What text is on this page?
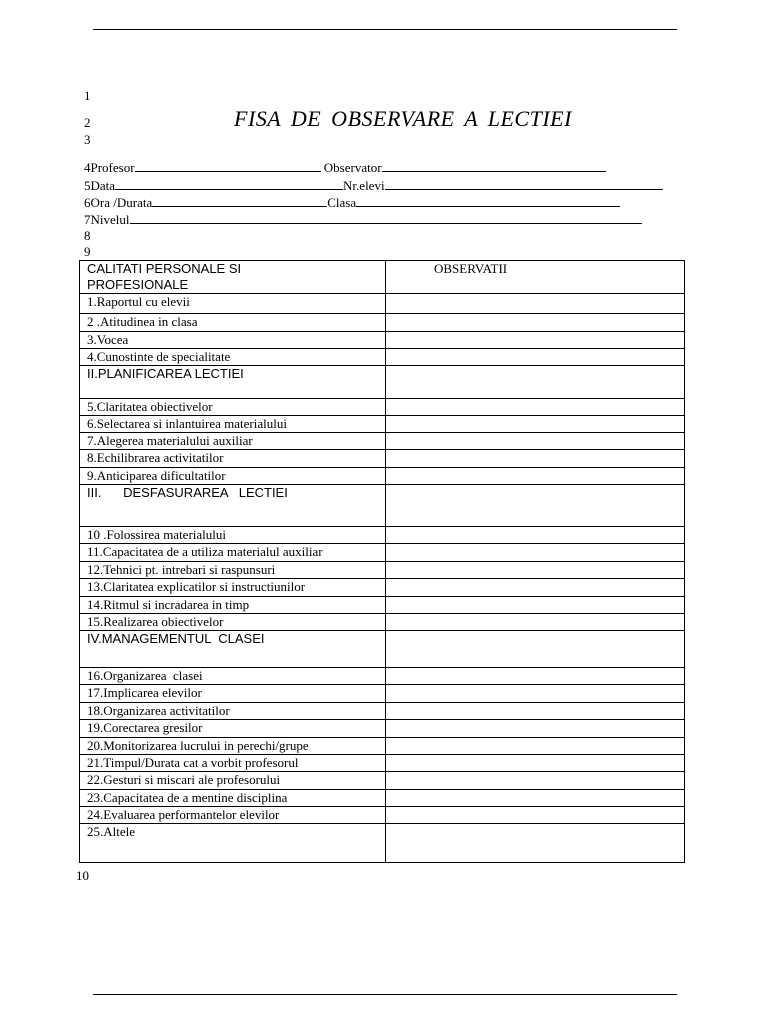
1
2
3
FISA DE OBSERVARE A LECTIEI
4Profesor	Observator
5Data	Nr.elevi
6Ora /Durata	Clasa
7Nivelul
8
9
CALITATI PERSONALE SI
PROFESIONALE	OBSERVATII
1.Raportul cu elevii	
2 .Atitudinea in clasa	
3.Vocea	
4.Cunostinte de specialitate	
II.PLANIFICAREA LECTIEI	
5.Claritatea obiectivelor	
6.Selectarea si inlantuirea materialului	
7.Alegerea materialului auxiliar	
8.Echilibrarea activitatilor	
9.Anticiparea dificultatilor	
III.      DESFASURAREA   LECTIEI	
10 .Folossirea materialului	
11.Capacitatea de a utiliza materialul auxiliar	
12.Tehnici pt. intrebari si raspunsuri	
13.Claritatea explicatilor si instructiunilor	
14.Ritmul si incradarea in timp	
15.Realizarea obiectivelor	
IV.MANAGEMENTUL  CLASEI	
16.Organizarea  clasei	
17.Implicarea elevilor	
18.Organizarea activitatilor	
19.Corectarea gresilor	
20.Monitorizarea lucrului in perechi/grupe	
21.Timpul/Durata cat a vorbit profesorul	
22.Gesturi si miscari ale profesorului	
23.Capacitatea de a mentine disciplina	
24.Evaluarea performantelor elevilor	
25.Altele	
10
